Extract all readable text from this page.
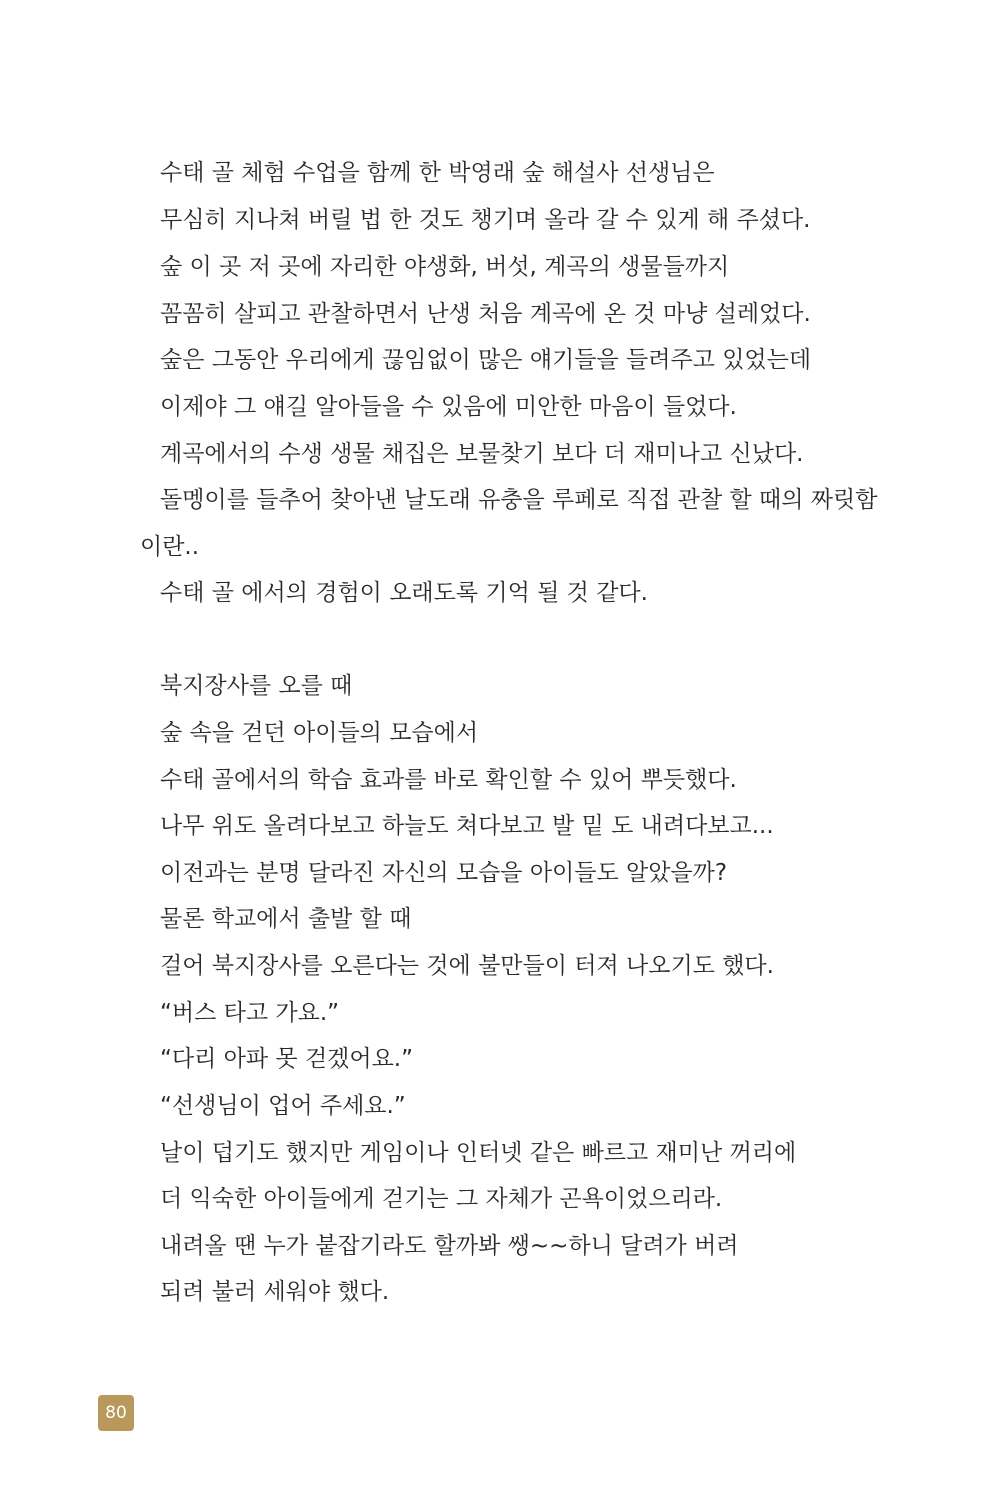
수태 골 체험 수업을 함께 한 박영래 숲 해설사 선생님은
무심히 지나쳐 버릴 법 한 것도 챙기며 올라 갈 수 있게 해 주셨다.
숲 이 곳 저 곳에 자리한 야생화, 버섯, 계곡의 생물들까지
꼼꼼히 살피고 관찰하면서 난생 처음 계곡에 온 것 마냥 설레었다.
숲은 그동안 우리에게 끊임없이 많은 얘기들을 들려주고 있었는데
이제야 그 얘길 알아들을 수 있음에 미안한 마음이 들었다.
계곡에서의 수생 생물 채집은 보물찾기 보다 더 재미나고 신났다.
돌멩이를 들추어 찾아낸 날도래 유충을 루페로 직접 관찰 할 때의 짜릿함
이란..
수태 골 에서의 경험이 오래도록 기억 될 것 같다.
북지장사를 오를 때
숲 속을 걷던 아이들의 모습에서
수태 골에서의 학습 효과를 바로 확인할 수 있어 뿌듯했다.
나무 위도 올려다보고 하늘도 쳐다보고 발 밑 도 내려다보고...
이전과는 분명 달라진 자신의 모습을 아이들도 알았을까?
물론 학교에서 출발 할 때
걸어 북지장사를 오른다는 것에 불만들이 터져 나오기도 했다.
“버스 타고 가요.”
“다리 아파 못 걷겠어요.”
“선생님이 업어 주세요.”
날이 덥기도 했지만 게임이나 인터넷 같은 빠르고 재미난 꺼리에
더 익숙한 아이들에게 걷기는 그 자체가 곤욕이었으리라.
내려올 땐 누가 붙잡기라도 할까봐 쌩~~하니 달려가 버려
되려 불러 세워야 했다.
80
